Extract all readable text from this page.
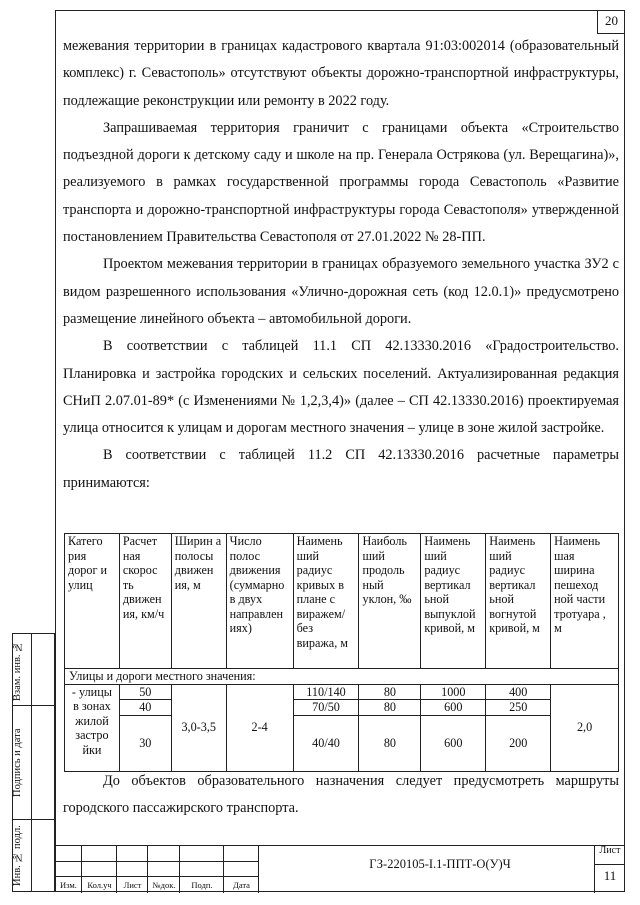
20

межевания территории в границах кадастрового квартала 91:03:002014 (образовательный комплекс) г. Севастополь» отсутствуют объекты дорожно-транспортной инфраструктуры, подлежащие реконструкции или ремонту в 2022 году.

Запрашиваемая территория граничит с границами объекта «Строительство подъездной дороги к детскому саду и школе на пр. Генерала Острякова (ул. Верещагина)», реализуемого в рамках государственной программы города Севастополь «Развитие транспорта и дорожно-транспортной инфраструктуры города Севастополя» утвержденной постановлением Правительства Севастополя от 27.01.2022 № 28-ПП.

Проектом межевания территории в границах образуемого земельного участка ЗУ2 с видом разрешенного использования «Улично-дорожная сеть (код 12.0.1)» предусмотрено размещение линейного объекта – автомобильной дороги.

В соответствии с таблицей 11.1 СП 42.13330.2016 «Градостроительство. Планировка и застройка городских и сельских поселений. Актуализированная редакция СНиП 2.07.01-89* (с Изменениями № 1,2,3,4)» (далее – СП 42.13330.2016) проектируемая улица относится к улицам и дорогам местного значения – улице в зоне жилой застройке.

В соответствии с таблицей 11.2 СП 42.13330.2016 расчетные параметры принимаются:

Катего рия дорог и улиц	Расчет ная скорос ть движен ия, км/ч	Ширин а полосы движен ия, м	Число полос движения (суммарно в двух направлен иях)	Наимень ший радиус кривых в плане с виражем/ без виража, м	Наиболь ший продоль ный уклон, ‰	Наимень ший радиус вертикал ьной выпуклой кривой, м	Наимень ший радиус вертикал ьной вогнутой кривой, м	Наимень шая ширина пешеход ной части тротуара , м
Улицы и дороги местного значения:								
- улицы в зонах жилой застро йки	50	3,0-3,5	2-4	110/140	80	1000	400	2,0
	40			70/50	80	600	250	
	30			40/40	80	600	200	

До объектов образовательного назначения следует предусмотреть маршруты городского пассажирского транспорта.

Взам. инв. №
Подпись и дата
Инв. № подл.	Изм.	Кол.уч	Лист	№док.	Подп.	Дата
ГЗ-220105-I.1-ППТ-О(У)Ч
Лист
11
